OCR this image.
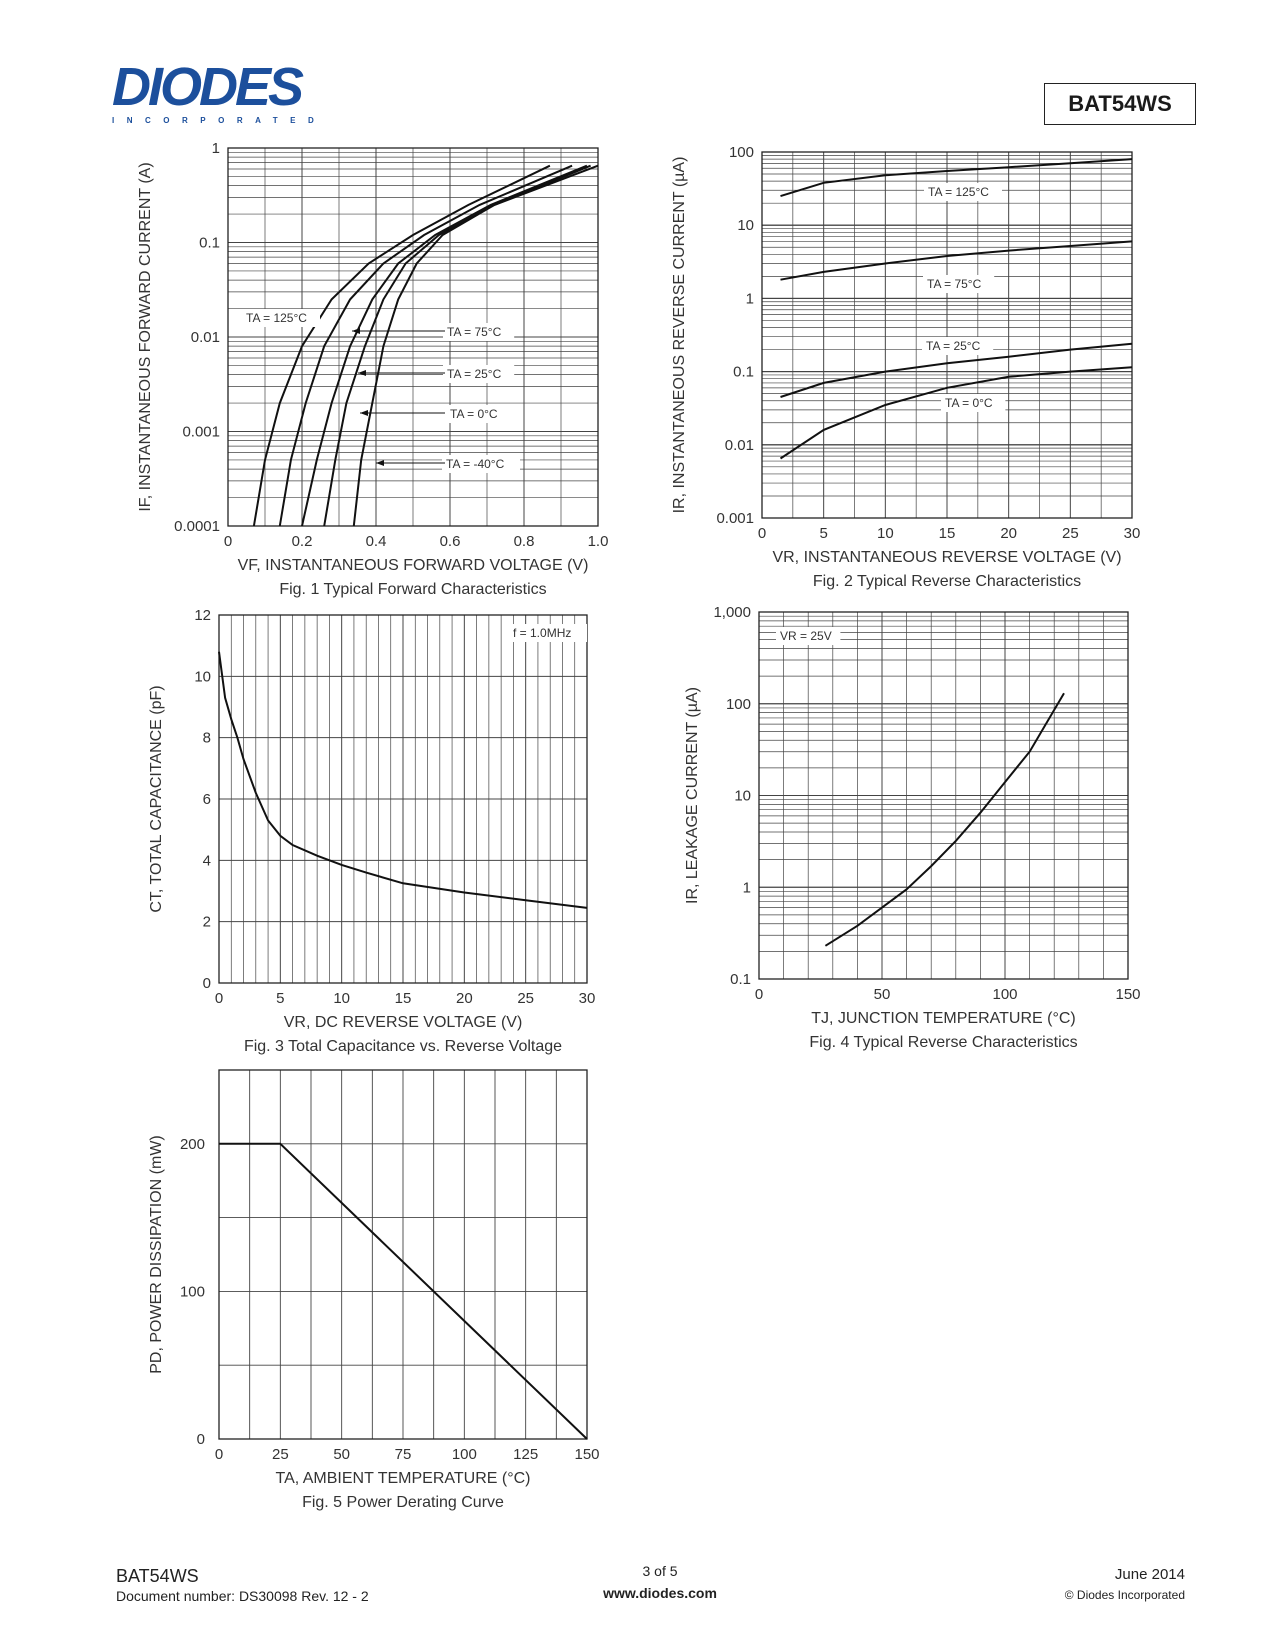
DIODES
INCORPORATED
BAT54WS
0	0.2	0.4	0.6	0.8	1.0
0.0001
0.001
0.01
0.1
1
VF, INSTANTANEOUS FORWARD VOLTAGE (V)
Fig. 1 Typical Forward Characteristics
IF, INSTANTANEOUS FORWARD CURRENT (A)	TA = 125°C
TA = 75°C
TA = 25°C
TA = 0°C
TA = -40°C
0	5	10	15	20	25	30
0.001
0.01
0.1
1
10
100
VR, INSTANTANEOUS REVERSE VOLTAGE (V)
Fig. 2 Typical Reverse Characteristics
IR, INSTANTANEOUS REVERSE CURRENT (µA)	TA = 125°C
TA = 75°C
TA = 25°C
TA = 0°C
0	5	10	15	20	25	30
0
2
4
6
8
10
12
VR, DC REVERSE VOLTAGE (V)
Fig. 3 Total Capacitance vs. Reverse Voltage
CT, TOTAL CAPACITANCE (pF)
f = 1.0MHz
0	50	100	150
0.1
1
10
100
1,000
TJ, JUNCTION TEMPERATURE (°C)
Fig. 4 Typical Reverse Characteristics
IR, LEAKAGE CURRENT (µA)
VR = 25V
0	25	50	75	100 125 150
0
100
200
TA, AMBIENT TEMPERATURE (°C)
Fig. 5 Power Derating Curve
PD, POWER DISSIPATION (mW)
BAT54WS
Document number: DS30098 Rev. 12 - 2
3 of 5
www.diodes.com
June 2014
© Diodes Incorporated
